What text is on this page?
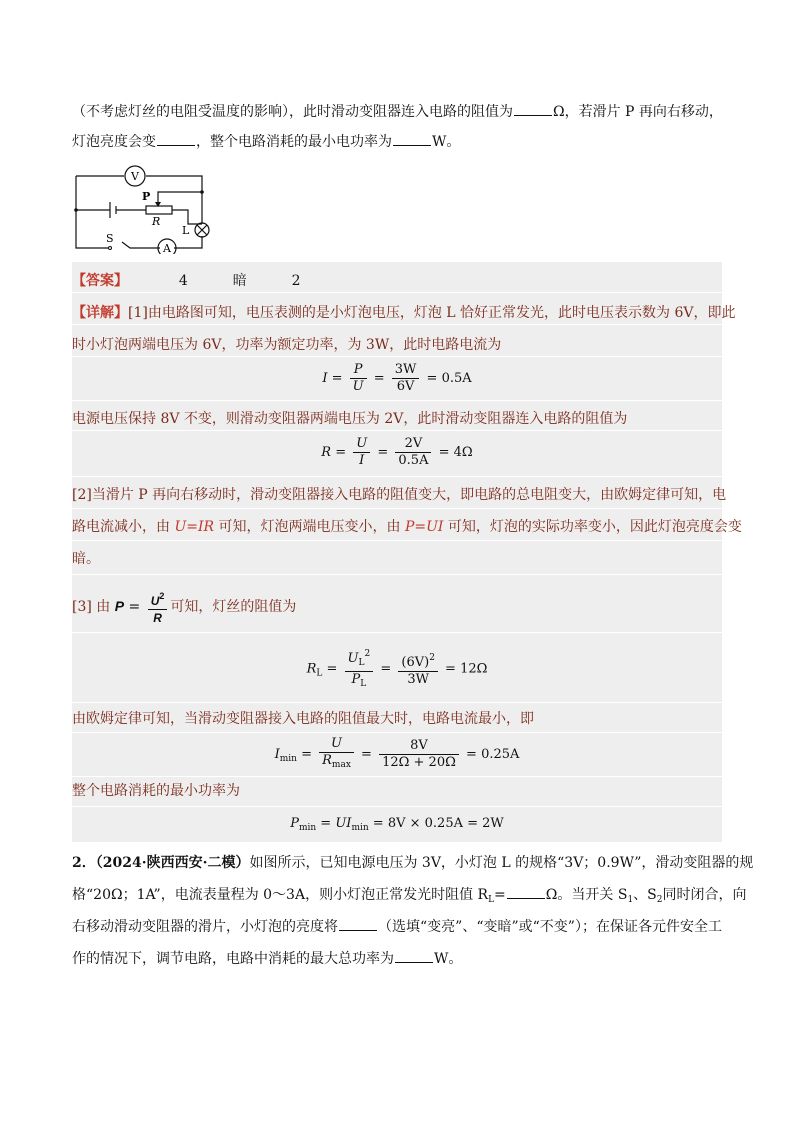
（不考虑灯丝的电阻受温度的影响），此时滑动变阻器连入电路的阻值为	Ω，若滑片 P 再向右移动，
灯泡亮度会变	，整个电路消耗的最小电功率为	W。
V
A
P
R
L
S
【答案】	4	暗	2
【详解】[1]由电路图可知，电压表测的是小灯泡电压，灯泡 L 恰好正常发光，此时电压表示数为 6V，即此
时小灯泡两端电压为 6V，功率为额定功率，为 3W，此时电路电流为
$I = \frac{P}{U} = \frac{3W}{6V} = 0.5A$
电源电压保持 8V 不变，则滑动变阻器两端电压为 2V，此时滑动变阻器连入电路的阻值为
$R = \frac{U}{I} = \frac{2V}{0.5A} = 4\Omega$
[2]当滑片 P 再向右移动时，滑动变阻器接入电路的阻值变大，即电路的总电阻变大，由欧姆定律可知，电
路电流减小，由 U=IR 可知，灯泡两端电压变小，由 P=UI 可知，灯泡的实际功率变小，因此灯泡亮度会变
暗。
[3] 由 $P = \frac{U^2}{R}$ 可知，灯丝的阻值为
$R_L = \frac{U_L^2}{P_L} = \frac{(6V)^2}{3W} = 12\Omega$
由欧姆定律可知，当滑动变阻器接入电路的阻值最大时，电路电流最小，即
$I_{min} = \frac{U}{R_{max}} = \frac{8V}{12\Omega + 20\Omega} = 0.25A$
整个电路消耗的最小功率为
$P_{min} = UI_{min} = 8V \times 0.25A = 2W$
2．（2024·陕西西安·二模）如图所示，已知电源电压为 3V，小灯泡 L 的规格“3V；0.9W”，滑动变阻器的规
格“20Ω；1A”，电流表量程为 0～3A，则小灯泡正常发光时阻值 $R_L=$	Ω。当开关 $S_1$、$S_2$同时闭合，向
右移动滑动变阻器的滑片，小灯泡的亮度将	（选填“变亮”、“变暗”或“不变”）；在保证各元件安全工
作的情况下，调节电路，电路中消耗的最大总功率为	W。
